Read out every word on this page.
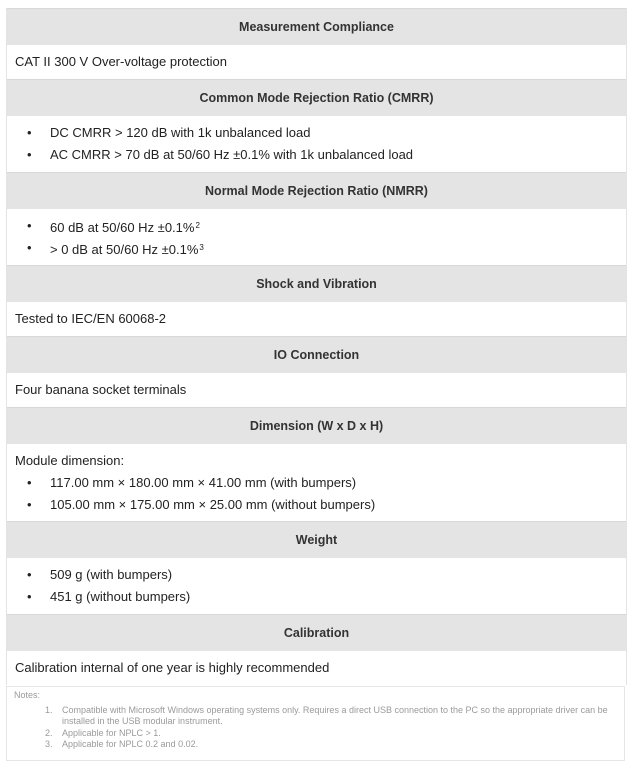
Measurement Compliance
CAT II 300 V Over-voltage protection
Common Mode Rejection Ratio (CMRR)
• DC CMRR > 120 dB with 1k unbalanced load
• AC CMRR > 70 dB at 50/60 Hz ±0.1% with 1k unbalanced load
Normal Mode Rejection Ratio (NMRR)
• 60 dB at 50/60 Hz ±0.1%$^2$
• > 0 dB at 50/60 Hz ±0.1%$^3$
Shock and Vibration
Tested to IEC/EN 60068-2
IO Connection
Four banana socket terminals
Dimension (W x D x H)
Module dimension:
• 117.00 mm × 180.00 mm × 41.00 mm (with bumpers)
• 105.00 mm × 175.00 mm × 25.00 mm (without bumpers)
Weight
• 509 g (with bumpers)
• 451 g (without bumpers)
Calibration
Calibration internal of one year is highly recommended
Notes:
1. Compatible with Microsoft Windows operating systems only. Requires a direct USB connection to the PC so the appropriate driver can be installed in the USB modular instrument.
2. Applicable for NPLC > 1.
3. Applicable for NPLC 0.2 and 0.02.
